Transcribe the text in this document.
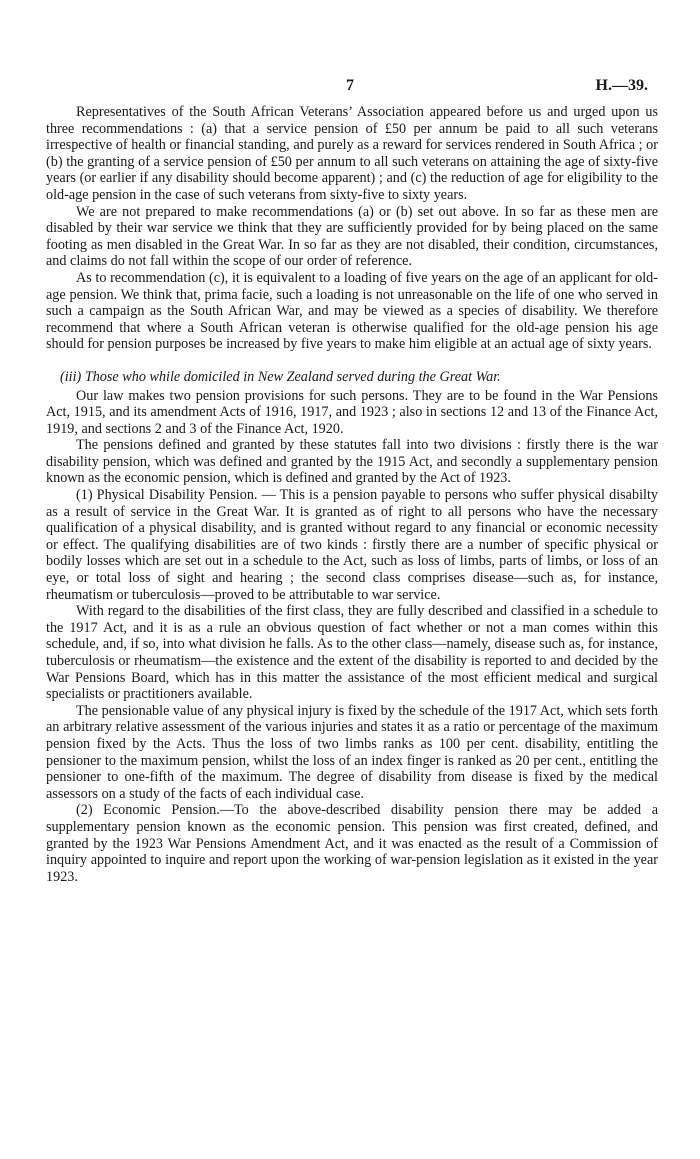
7	H.—39.

Representatives of the South African Veterans’ Association appeared before us and urged upon us three recommendations : (a) that a service pension of £50 per annum be paid to all such veterans irrespective of health or financial standing, and purely as a reward for services rendered in South Africa ; or (b) the granting of a service pension of £50 per annum to all such veterans on attaining the age of sixty-five years (or earlier if any disability should become apparent) ; and (c) the reduction of age for eligibility to the old-age pension in the case of such veterans from sixty-five to sixty years.

We are not prepared to make recommendations (a) or (b) set out above. In so far as these men are disabled by their war service we think that they are sufficiently provided for by being placed on the same footing as men disabled in the Great War. In so far as they are not disabled, their condition, circumstances, and claims do not fall within the scope of our order of reference.

As to recommendation (c), it is equivalent to a loading of five years on the age of an applicant for old-age pension. We think that, prima facie, such a loading is not unreasonable on the life of one who served in such a campaign as the South African War, and may be viewed as a species of disability. We therefore recommend that where a South African veteran is otherwise qualified for the old-age pension his age should for pension purposes be increased by five years to make him eligible at an actual age of sixty years.

(iii) Those who while domiciled in New Zealand served during the Great War.

Our law makes two pension provisions for such persons. They are to be found in the War Pensions Act, 1915, and its amendment Acts of 1916, 1917, and 1923 ; also in sections 12 and 13 of the Finance Act, 1919, and sections 2 and 3 of the Finance Act, 1920.

The pensions defined and granted by these statutes fall into two divisions : firstly there is the war disability pension, which was defined and granted by the 1915 Act, and secondly a supplementary pension known as the economic pension, which is defined and granted by the Act of 1923.

(1) Physical Disability Pension. — This is a pension payable to persons who suffer physical disabilty as a result of service in the Great War. It is granted as of right to all persons who have the necessary qualification of a physical disability, and is granted without regard to any financial or economic necessity or effect. The qualifying disabilities are of two kinds : firstly there are a number of specific physical or bodily losses which are set out in a schedule to the Act, such as loss of limbs, parts of limbs, or loss of an eye, or total loss of sight and hearing ; the second class comprises disease—such as, for instance, rheumatism or tuberculosis—proved to be attributable to war service.

With regard to the disabilities of the first class, they are fully described and classified in a schedule to the 1917 Act, and it is as a rule an obvious question of fact whether or not a man comes within this schedule, and, if so, into what division he falls. As to the other class—namely, disease such as, for instance, tuberculosis or rheumatism—the existence and the extent of the disability is reported to and decided by the War Pensions Board, which has in this matter the assistance of the most efficient medical and surgical specialists or practitioners available.

The pensionable value of any physical injury is fixed by the schedule of the 1917 Act, which sets forth an arbitrary relative assessment of the various injuries and states it as a ratio or percentage of the maximum pension fixed by the Acts. Thus the loss of two limbs ranks as 100 per cent. disability, entitling the pensioner to the maximum pension, whilst the loss of an index finger is ranked as 20 per cent., entitling the pensioner to one-fifth of the maximum. The degree of disability from disease is fixed by the medical assessors on a study of the facts of each individual case.

(2) Economic Pension.—To the above-described disability pension there may be added a supplementary pension known as the economic pension. This pension was first created, defined, and granted by the 1923 War Pensions Amendment Act, and it was enacted as the result of a Commission of inquiry appointed to inquire and report upon the working of war-pension legislation as it existed in the year 1923.
